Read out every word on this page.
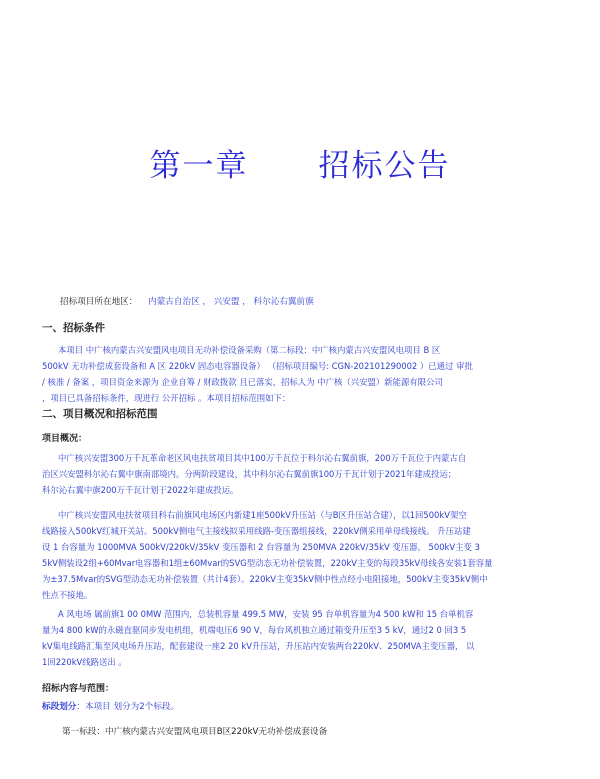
第一章 招标公告
招标项目所在地区： 内蒙古自治区 ， 兴安盟 ， 科尔沁右翼前旗
一、招标条件
本项目 中广核内蒙古兴安盟风电项目无功补偿设备采购（第二标段：中广核内蒙古兴安盟风电项目 B 区
500kV 无功补偿成套设备和 A 区 220kV 固态电容器设备） （招标项目编号: CGN-202101290002 ）已通过 审批
/ 核准 / 备案 ，项目资金来源为 企业自筹 / 财政拨款 且已落实，招标人为 中广核（兴安盟）新能源有限公司
，项目已具备招标条件，现进行 公开招标 。本项目招标范围如下：
二、项目概况和招标范围
项目概况：
中广核兴安盟300万千瓦革命老区风电扶贫项目其中100万千瓦位于科尔沁右翼前旗，200万千瓦位于内蒙古自
治区兴安盟科尔沁右翼中旗南部境内。分两阶段建设，其中科尔沁右翼前旗100万千瓦计划于2021年建成投运；
科尔沁右翼中旗200万千瓦计划于2022年建成投运。
中广核兴安盟风电扶贫项目科右前旗风电场区内新建1座500kV升压站（与B区升压站合建），以1回500kV架空
线路接入500kV红城开关站。500kV侧电气主接线拟采用线路-变压器组接线，220kV侧采用单母线接线。 升压站建
设 1 台容量为 1000MVA 500kV/220kV/35kV 变压器和 2 台容量为 250MVA 220kV/35kV 变压器。 500kV主变 3
5kV侧装设2组+60Mvar电容器和1组±60Mvar的SVG型动态无功补偿装置，220kV主变的每段35kV母线各安装1套容量
为±37.5Mvar的SVG型动态无功补偿装置（共计4套）。220kV主变35kV侧中性点经小电阻接地，500kV主变35kV侧中
性点不接地。
A 风电场 属前旗1 00 0MW 范围内，总装机容量 499.5 MW，安装 95 台单机容量为4 500 kW和 15 台单机容
量为4 800 kW的永磁直驱同步发电机组，机端电压6 90 V，每台风机独立通过箱变升压至3 5 kV，通过2 0 回3 5
kV集电线路汇集至风电场升压站，配套建设一座2 20 kV升压站，升压站内安装两台220kV、250MVA主变压器， 以
1回220kV线路送出 。
招标内容与范围：
标段划分：本项目 划分为2个标段。
第一标段：中广核内蒙古兴安盟风电项目B区220kV无功补偿成套设备
